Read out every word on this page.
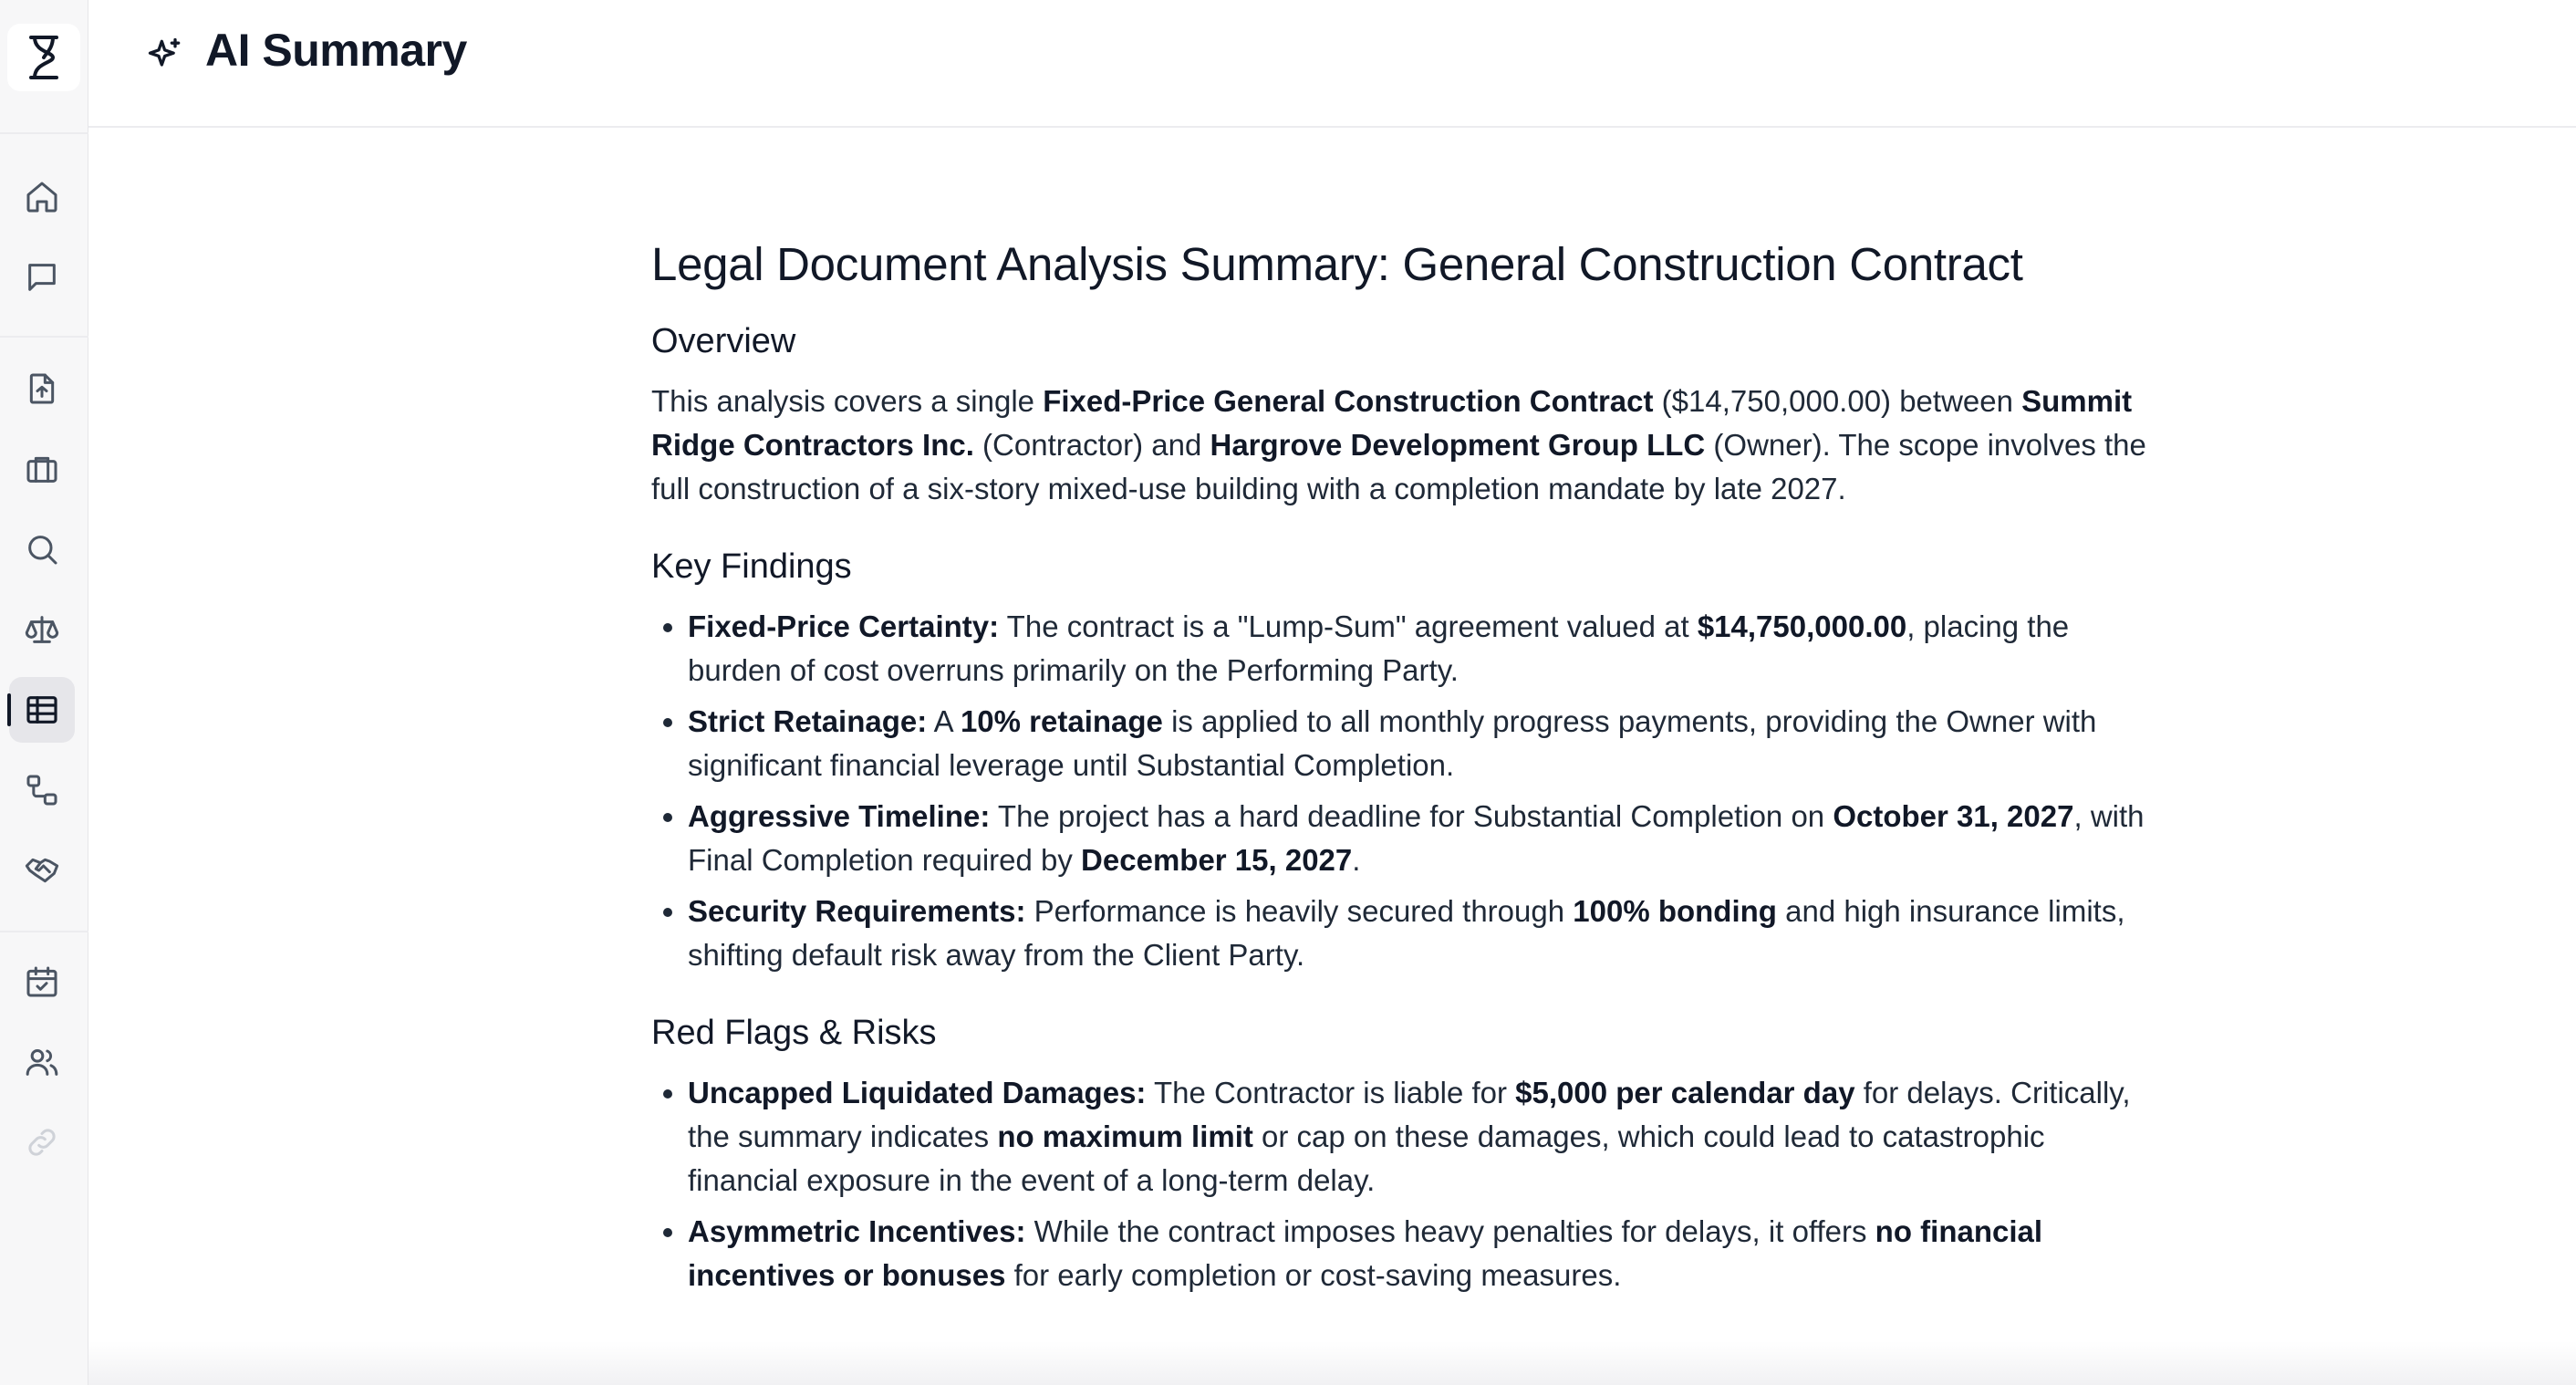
AI Summary
Legal Document Analysis Summary: General Construction Contract
Overview

This analysis covers a single Fixed-Price General Construction Contract ($14,750,000.00) between Summit Ridge Contractors Inc. (Contractor) and Hargrove Development Group LLC (Owner). The scope involves the full construction of a six-story mixed-use building with a completion mandate by late 2027.

Key Findings
• Fixed-Price Certainty: The contract is a "Lump-Sum" agreement valued at $14,750,000.00, placing the burden of cost overruns primarily on the Performing Party.
• Strict Retainage: A 10% retainage is applied to all monthly progress payments, providing the Owner with significant financial leverage until Substantial Completion.
• Aggressive Timeline: The project has a hard deadline for Substantial Completion on October 31, 2027, with Final Completion required by December 15, 2027.
• Security Requirements: Performance is heavily secured through 100% bonding and high insurance limits, shifting default risk away from the Client Party.
Red Flags & Risks
• Uncapped Liquidated Damages: The Contractor is liable for $5,000 per calendar day for delays. Critically, the summary indicates no maximum limit or cap on these damages, which could lead to catastrophic financial exposure in the event of a long-term delay.
• Asymmetric Incentives: While the contract imposes heavy penalties for delays, it offers no financial incentives or bonuses for early completion or cost-saving measures.
